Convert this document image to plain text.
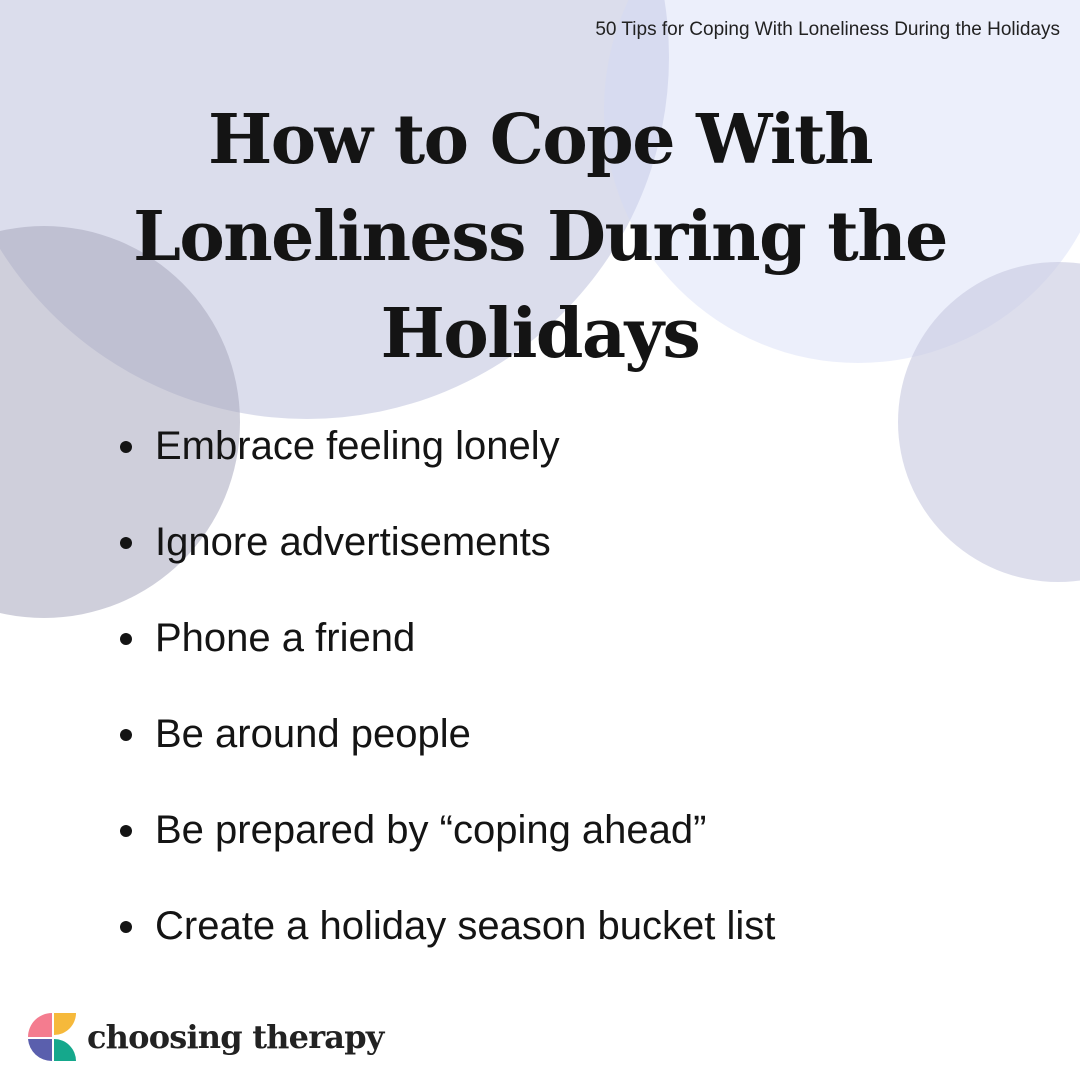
50 Tips for Coping With Loneliness During the Holidays
How to Cope With Loneliness During the Holidays
Embrace feeling lonely
Ignore advertisements
Phone a friend
Be around people
Be prepared by “coping ahead”
Create a holiday season bucket list
choosing therapy
